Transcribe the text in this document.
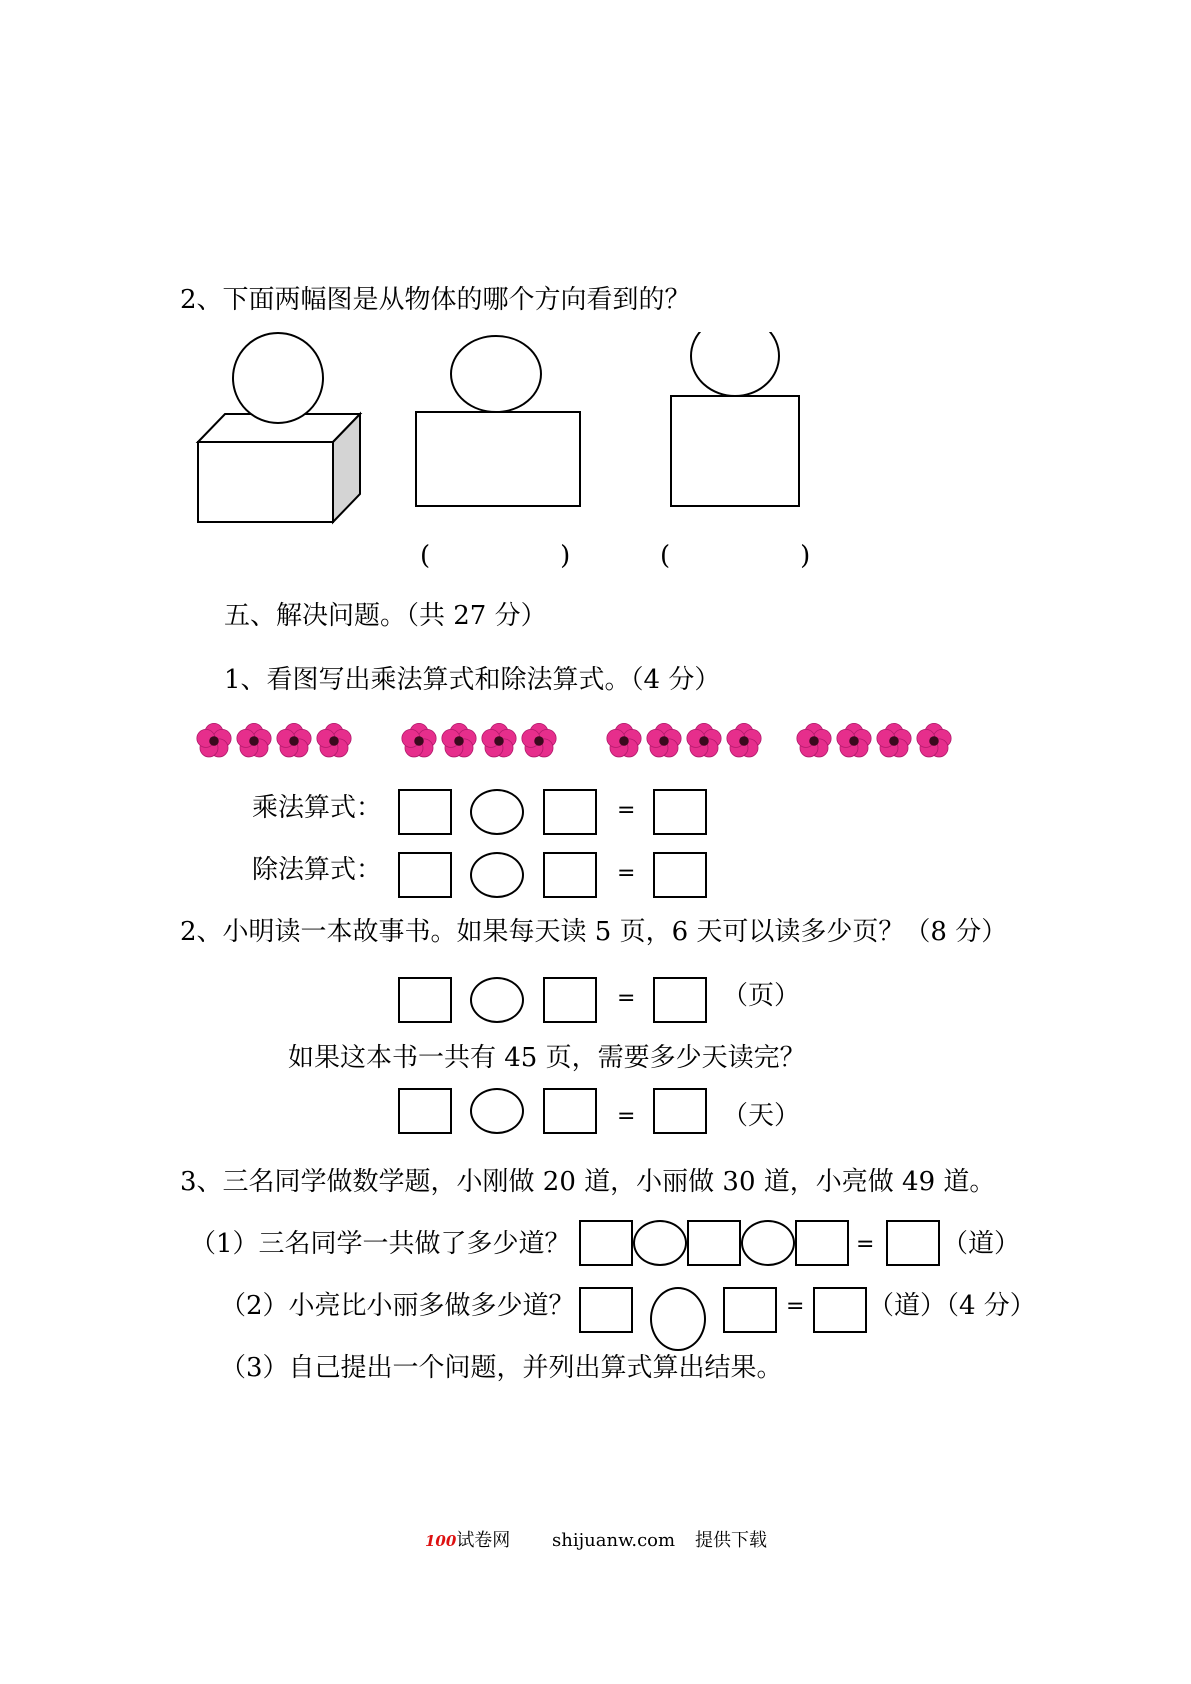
2、下面两幅图是从物体的哪个方向看到的？
(　　　　　)	(　　　　　)
五、解决问题。（共 27 分）
1、看图写出乘法算式和除法算式。（4 分）
乘法算式：	=
除法算式：	=
2、小明读一本故事书。如果每天读 5 页，6 天可以读多少页？（8 分）
=	（页）
如果这本书一共有 45 页，需要多少天读完？
=	（天）
3、三名同学做数学题，小刚做 20 道，小丽做 30 道，小亮做 49 道。
（1）三名同学一共做了多少道？	=	（道）
（2）小亮比小丽多做多少道？	= （道）（4 分）
（3）自己提出一个问题，并列出算式算出结果。
$^{100}$试卷网 shijuanw.com 提供下载
